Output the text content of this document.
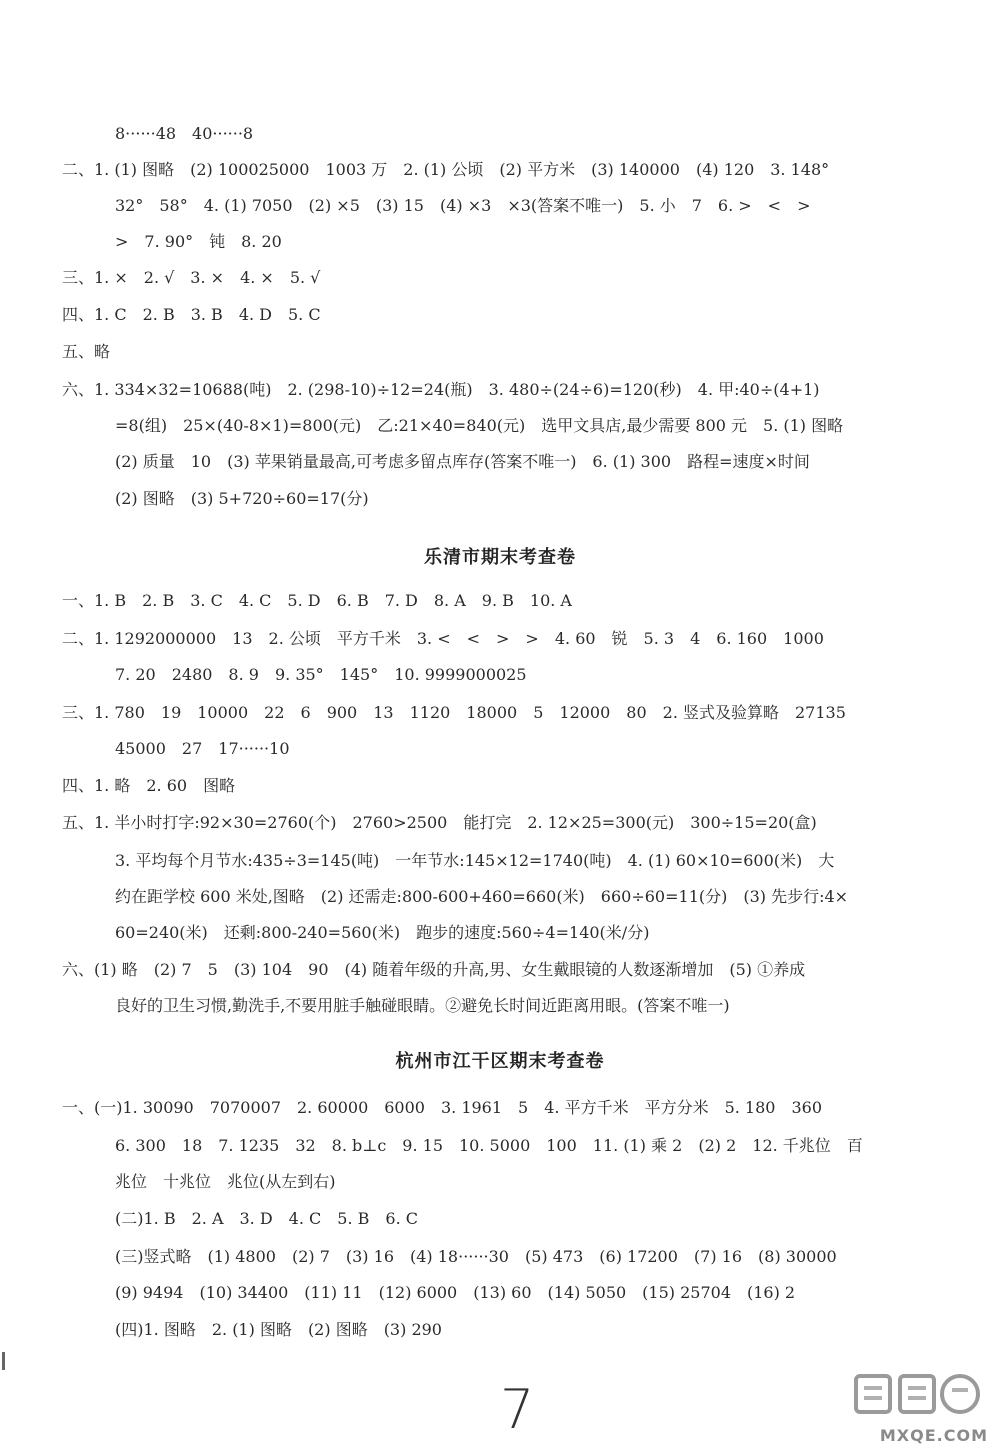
8······48　40······8
二、1. (1) 图略　(2) 100025000　1003 万　2. (1) 公顷　(2) 平方米　(3) 140000　(4) 120　3. 148°
32°　58°　4. (1) 7050　(2) ×5　(3) 15　(4) ×3　×3(答案不唯一)　5. 小　7　6. >　<　>
>　7. 90°　钝　8. 20
三、1. ×　2. √　3. ×　4. ×　5. √
四、1. C　2. B　3. B　4. D　5. C
五、略
六、1. 334×32=10688(吨)　2. (298-10)÷12=24(瓶)　3. 480÷(24÷6)=120(秒)　4. 甲:40÷(4+1)
=8(组)　25×(40-8×1)=800(元)　乙:21×40=840(元)　选甲文具店,最少需要 800 元　5. (1) 图略
(2) 质量　10　(3) 苹果销量最高,可考虑多留点库存(答案不唯一)　6. (1) 300　路程=速度×时间
(2) 图略　(3) 5+720÷60=17(分)
乐清市期末考查卷
一、1. B　2. B　3. C　4. C　5. D　6. B　7. D　8. A　9. B　10. A
二、1. 1292000000　13　2. 公顷　平方千米　3. <　<　>　>　4. 60　锐　5. 3　4　6. 160　1000
7. 20　2480　8. 9　9. 35°　145°　10. 9999000025
三、1. 780　19　10000　22　6　900　13　1120　18000　5　12000　80　2. 竖式及验算略　27135
45000　27　17······10
四、1. 略　2. 60　图略
五、1. 半小时打字:92×30=2760(个)　2760>2500　能打完　2. 12×25=300(元)　300÷15=20(盒)
3. 平均每个月节水:435÷3=145(吨)　一年节水:145×12=1740(吨)　4. (1) 60×10=600(米)　大
约在距学校 600 米处,图略　(2) 还需走:800-600+460=660(米)　660÷60=11(分)　(3) 先步行:4×
60=240(米)　还剩:800-240=560(米)　跑步的速度:560÷4=140(米/分)
六、(1) 略　(2) 7　5　(3) 104　90　(4) 随着年级的升高,男、女生戴眼镜的人数逐渐增加　(5) ①养成
良好的卫生习惯,勤洗手,不要用脏手触碰眼睛。②避免长时间近距离用眼。(答案不唯一)
杭州市江干区期末考查卷
一、(一)1. 30090　7070007　2. 60000　6000　3. 1961　5　4. 平方千米　平方分米　5. 180　360
6. 300　18　7. 1235　32　8. b⊥c　9. 15　10. 5000　100　11. (1) 乘 2　(2) 2　12. 千兆位　百
兆位　十兆位　兆位(从左到右)
(二)1. B　2. A　3. D　4. C　5. B　6. C
(三)竖式略　(1) 4800　(2) 7　(3) 16　(4) 18······30　(5) 473　(6) 17200　(7) 16　(8) 30000
(9) 9494　(10) 34400　(11) 11　(12) 6000　(13) 60　(14) 5050　(15) 25704　(16) 2
(四)1. 图略　2. (1) 图略　(2) 图略　(3) 290
7	MXQE.COM
